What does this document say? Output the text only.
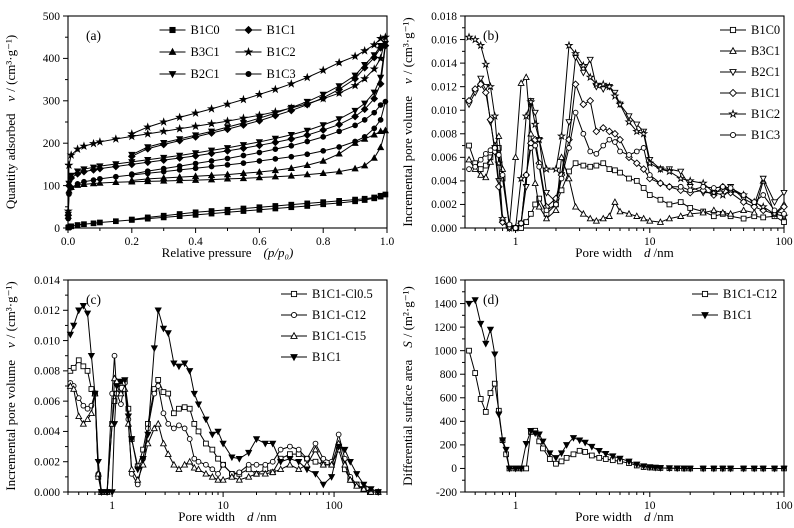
0.0	0.2	0.4	0.6	0.8	1.0
0
100
200
300
400
500
Relative pressure (p/p₀)
Quantity adsorbedv/ (cm³·g⁻¹)	(a)	B1C0	B1C1
B3C1	B1C2
B2C1	B1C3
1	10	100
0.000
0.002
0.004
0.006
0.008
0.010
0.012
0.014
0.016
0.018
Pore width d /nm
Incremental pore volumev/ (cm³·g⁻¹)	(b)	B1C0
B3C1
B2C1
B1C1
B1C2
B1C3
1	10	100
0.000
0.002
0.004
0.006
0.008
0.010
0.012
0.014
Pore width d /nm
Incremental pore volumev/ (cm³·g⁻¹)	(c)	B1C1-Cl0.5
B1C1-C12
B1C1-C15
B1C1
1	10	100
-200
0
200
400
600
800
1000
1200
1400
1600
Pore width d /nm
Differential surface areaS/ (m²·g⁻¹)	(d)	B1C1-C12
B1C1
